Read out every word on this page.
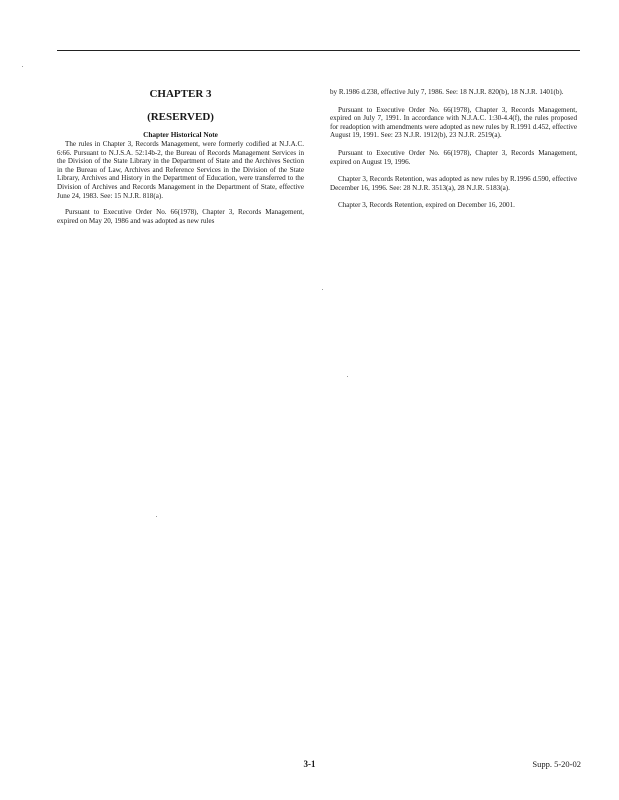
CHAPTER 3
(RESERVED)
Chapter Historical Note

The rules in Chapter 3, Records Management, were formerly codified at N.J.A.C. 6:66. Pursuant to N.J.S.A. 52:14b-2, the Bureau of Records Management Services in the Division of the State Library in the Department of State and the Archives Section in the Bureau of Law, Archives and Reference Services in the Division of the State Library, Archives and History in the Department of Education, were transferred to the Division of Archives and Records Management in the Department of State, effective June 24, 1983. See: 15 N.J.R. 818(a).

Pursuant to Executive Order No. 66(1978), Chapter 3, Records Management, expired on May 20, 1986 and was adopted as new rules

by R.1986 d.238, effective July 7, 1986. See: 18 N.J.R. 820(b), 18 N.J.R. 1401(b).

Pursuant to Executive Order No. 66(1978), Chapter 3, Records Management, expired on July 7, 1991. In accordance with N.J.A.C. 1:30-4.4(f), the rules proposed for readoption with amendments were adopted as new rules by R.1991 d.452, effective August 19, 1991. See: 23 N.J.R. 1912(b), 23 N.J.R. 2519(a).

Pursuant to Executive Order No. 66(1978), Chapter 3, Records Management, expired on August 19, 1996.

Chapter 3, Records Retention, was adopted as new rules by R.1996 d.590, effective December 16, 1996. See: 28 N.J.R. 3513(a), 28 N.J.R. 5183(a).

Chapter 3, Records Retention, expired on December 16, 2001.

3-1	Supp. 5-20-02
